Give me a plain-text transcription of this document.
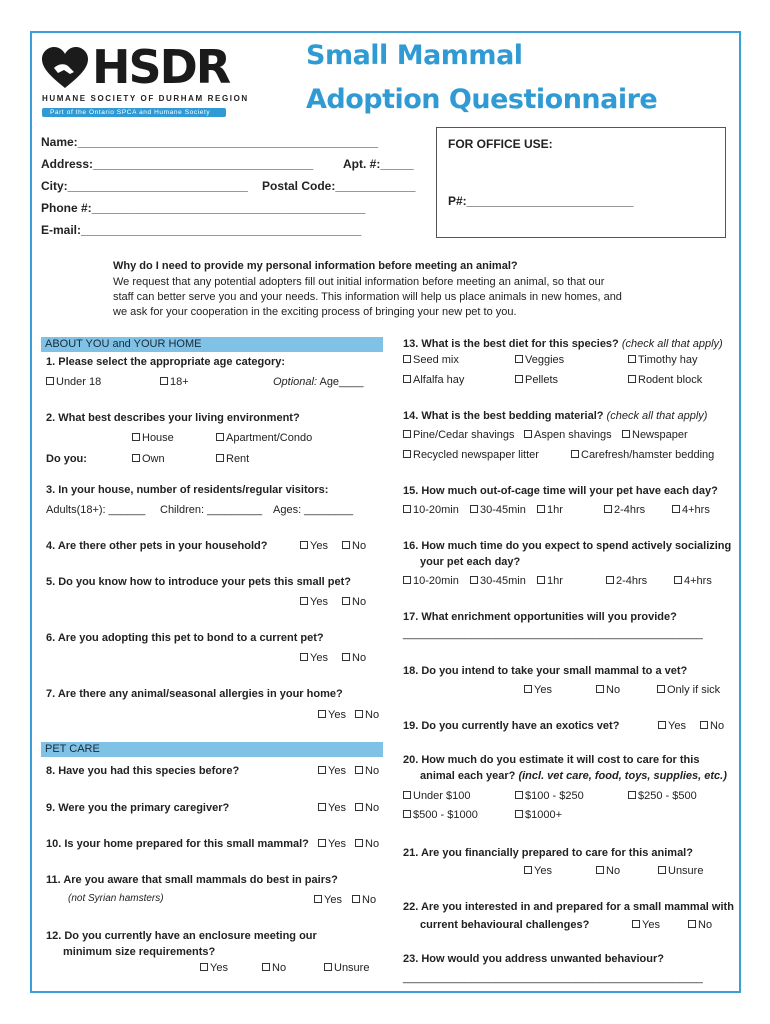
HSDR
HUMANE SOCIETY OF DURHAM REGION
Part of the Ontario SPCA and Humane Society
Small Mammal
Adoption Questionnaire
Name:_____________________________________________
Address:_________________________________ Apt. #:_____
City:___________________________ Postal Code:____________
Phone #:_________________________________________
E-mail:__________________________________________
FOR OFFICE USE:
P#:_________________________
Why do I need to provide my personal information before meeting an animal?
We request that any potential adopters fill out initial information before meeting an animal, so that our
staff can better serve you and your needs. This information will help us place animals in new homes, and
we ask for your cooperation in the exciting process of bringing your new pet to you.
ABOUT YOU and YOUR HOME
1. Please select the appropriate age category:
Under 18	18+	Optional: Age____
2. What best describes your living environment?
House	Apartment/Condo
Do you:	Own	Rent
3. In your house, number of residents/regular visitors:
Adults(18+): ______ Children: _________ Ages: ________
4. Are there other pets in your household?	Yes	No
5. Do you know how to introduce your pets this small pet?
Yes	No
6. Are you adopting this pet to bond to a current pet?
Yes	No
7. Are there any animal/seasonal allergies in your home?
Yes	No
PET CARE
8. Have you had this species before?	Yes	No
9. Were you the primary caregiver?	Yes	No
10. Is your home prepared for this small mammal?	Yes	No
11. Are you aware that small mammals do best in pairs?
(not Syrian hamsters)	Yes	No
12. Do you currently have an enclosure meeting our
minimum size requirements?
Yes	No	Unsure
13. What is the best diet for this species? (check all that apply)
Seed mix	Veggies	Timothy hay
Alfalfa hay	Pellets	Rodent block
14. What is the best bedding material? (check all that apply)
Pine/Cedar shavings	Aspen shavings	Newspaper
Recycled newspaper litter	Carefresh/hamster bedding
15. How much out-of-cage time will your pet have each day?
10-20min	30-45min	1hr	2-4hrs	4+hrs
16. How much time do you expect to spend actively socializing
your pet each day?
10-20min	30-45min	1hr	2-4hrs	4+hrs
17. What enrichment opportunities will you provide?
_________________________________________________
18. Do you intend to take your small mammal to a vet?
Yes	No	Only if sick
19. Do you currently have an exotics vet?	Yes	No
20. How much do you estimate it will cost to care for this
animal each year? (incl. vet care, food, toys, supplies, etc.)
Under $100	$100 - $250	$250 - $500
$500 - $1000	$1000+
21. Are you financially prepared to care for this animal?
Yes	No	Unsure
22. Are you interested in and prepared for a small mammal with
current behavioural challenges?	Yes	No
23. How would you address unwanted behaviour?
_________________________________________________
